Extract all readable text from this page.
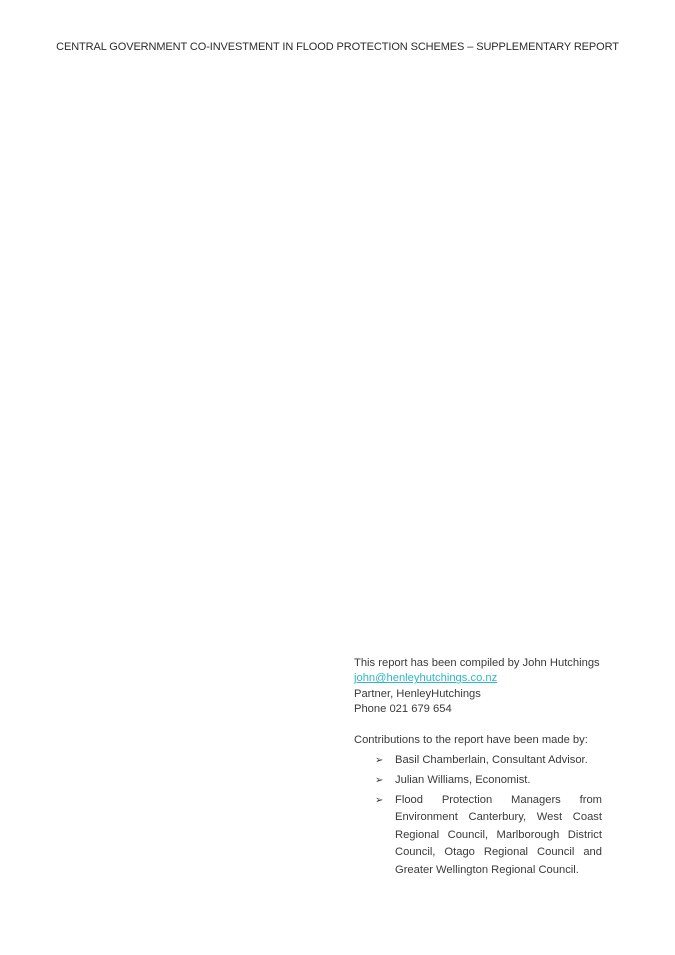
CENTRAL GOVERNMENT CO-INVESTMENT IN FLOOD PROTECTION SCHEMES – SUPPLEMENTARY REPORT
This report has been compiled by John Hutchings
john@henleyhutchings.co.nz
Partner, HenleyHutchings
Phone 021 679 654
Contributions to the report have been made by:
➢ Basil Chamberlain, Consultant Advisor.
➢ Julian Williams, Economist.
➢ Flood Protection Managers from Environment Canterbury, West Coast Regional Council, Marlborough District Council, Otago Regional Council and Greater Wellington Regional Council.
